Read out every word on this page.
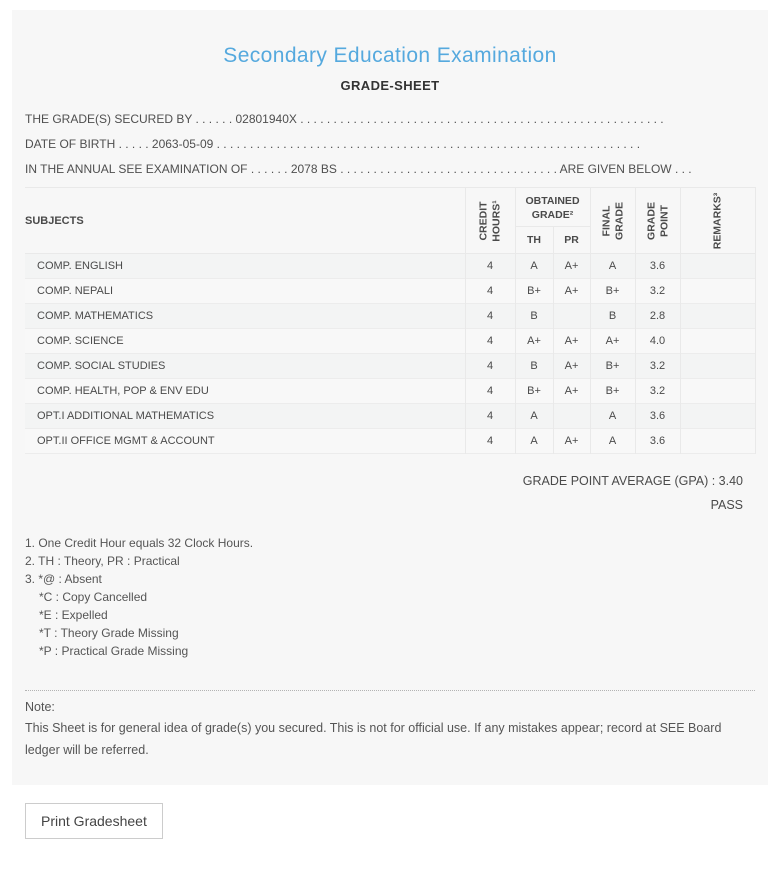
Secondary Education Examination
GRADE-SHEET
THE GRADE(S) SECURED BY . . . . . . 02801940X . . . . . . . . . . . . . . . . . . . . . . . . . . . . . . . . . . . . . . . . . . . . . . . . . . . . . . .
DATE OF BIRTH . . . . . 2063-05-09 . . . . . . . . . . . . . . . . . . . . . . . . . . . . . . . . . . . . . . . . . . . . . . . . . . . . . . . . . . . . . . . .
IN THE ANNUAL SEE EXAMINATION OF . . . . . . 2078 BS . . . . . . . . . . . . . . . . . . . . . . . . . . . . . . . . . ARE GIVEN BELOW . . .
SUBJECTS	CREDIT HOURS¹	OBTAINED GRADE²		FINAL GRADE	GRADE POINT	REMARKS³

		TH	PR			
COMP. ENGLISH	4	A	A+	A	3.6	
COMP. NEPALI	4	B+	A+	B+	3.2	
COMP. MATHEMATICS	4	B		B	2.8	
COMP. SCIENCE	4	A+	A+	A+	4.0	
COMP. SOCIAL STUDIES	4	B	A+	B+	3.2	
COMP. HEALTH, POP & ENV EDU	4	B+	A+	B+	3.2	
OPT.I ADDITIONAL MATHEMATICS	4	A		A	3.6	
OPT.II OFFICE MGMT & ACCOUNT	4	A	A+	A	3.6	
GRADE POINT AVERAGE (GPA) : 3.40
PASS
1. One Credit Hour equals 32 Clock Hours.
2. TH : Theory, PR : Practical
3. *@ : Absent
*C : Copy Cancelled
*E : Expelled
*T : Theory Grade Missing
*P : Practical Grade Missing
Note:
This Sheet is for general idea of grade(s) you secured. This is not for official use. If any mistakes appear; record at SEE Board ledger will be referred.
Print Gradesheet
